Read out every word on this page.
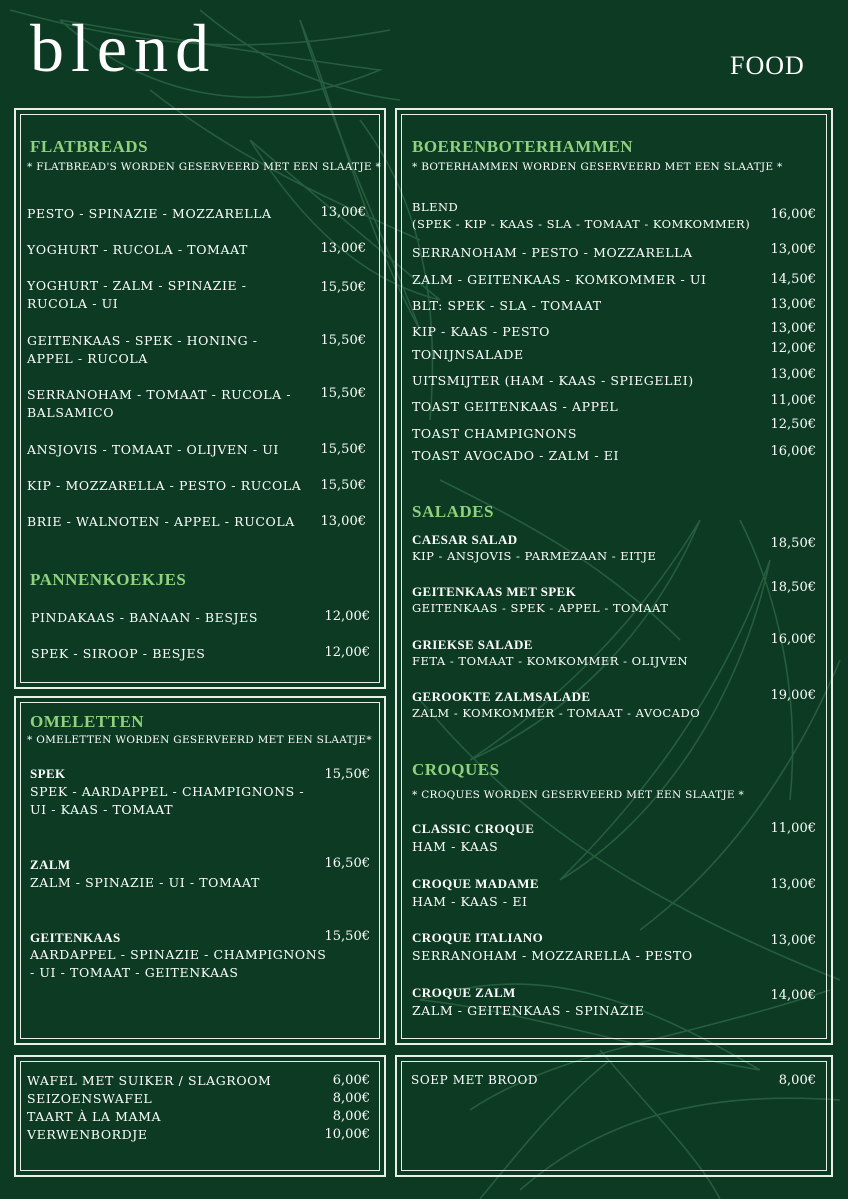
blend	FOOD
FLATBREADS
* FLATBREAD'S WORDEN GESERVEERD MET EEN SLAATJE *
PESTO - SPINAZIE - MOZZARELLA	13,00€
YOGHURT - RUCOLA - TOMAAT	13,00€
YOGHURT - ZALM - SPINAZIE -
RUCOLA - UI
15,50€
GEITENKAAS - SPEK - HONING -
APPEL - RUCOLA
15,50€
SERRANOHAM - TOMAAT - RUCOLA -
BALSAMICO
15,50€
ANSJOVIS - TOMAAT - OLIJVEN - UI	15,50€
KIP - MOZZARELLA - PESTO - RUCOLA	15,50€
BRIE - WALNOTEN - APPEL - RUCOLA	13,00€
PANNENKOEKJES
PINDAKAAS - BANAAN - BESJES	12,00€
SPEK - SIROOP - BESJES	12,00€
OMELETTEN
* OMELETTEN WORDEN GESERVEERD MET EEN SLAATJE*
SPEK
SPEK - AARDAPPEL - CHAMPIGNONS -
UI - KAAS - TOMAAT
15,50€
ZALM
ZALM - SPINAZIE - UI - TOMAAT
16,50€
GEITENKAAS
AARDAPPEL - SPINAZIE - CHAMPIGNONS
- UI - TOMAAT - GEITENKAAS
15,50€
BOERENBOTERHAMMEN
* BOTERHAMMEN WORDEN GESERVEERD MET EEN SLAATJE *
BLEND
(SPEK - KIP - KAAS - SLA - TOMAAT - KOMKOMMER)
16,00€
SERRANOHAM - PESTO - MOZZARELLA	13,00€
ZALM - GEITENKAAS - KOMKOMMER - UI	14,50€
BLT: SPEK - SLA - TOMAAT	13,00€
KIP - KAAS - PESTO	13,00€
TONIJNSALADE	12,00€
UITSMIJTER (HAM - KAAS - SPIEGELEI)	13,00€
TOAST GEITENKAAS - APPEL	11,00€
TOAST CHAMPIGNONS
12,50€
TOAST AVOCADO - ZALM - EI	16,00€
SALADES
CAESAR SALAD
KIP - ANSJOVIS - PARMEZAAN - EITJE
18,50€
GEITENKAAS MET SPEK
GEITENKAAS - SPEK - APPEL - TOMAAT
18,50€
GRIEKSE SALADE
FETA - TOMAAT - KOMKOMMER - OLIJVEN
16,00€
GEROOKTE ZALMSALADE
ZALM - KOMKOMMER - TOMAAT - AVOCADO
19,00€
CROQUES
* CROQUES WORDEN GESERVEERD MET EEN SLAATJE *
CLASSIC CROQUE
HAM - KAAS
11,00€
CROQUE MADAME
HAM - KAAS - EI
13,00€
CROQUE ITALIANO
SERRANOHAM - MOZZARELLA - PESTO
13,00€
CROQUE ZALM
ZALM - GEITENKAAS - SPINAZIE
14,00€
WAFEL MET SUIKER / SLAGROOM	6,00€
SEIZOENSWAFEL	8,00€
TAART À LA MAMA	8,00€
VERWENBORDJE	10,00€
SOEP MET BROOD	8,00€
